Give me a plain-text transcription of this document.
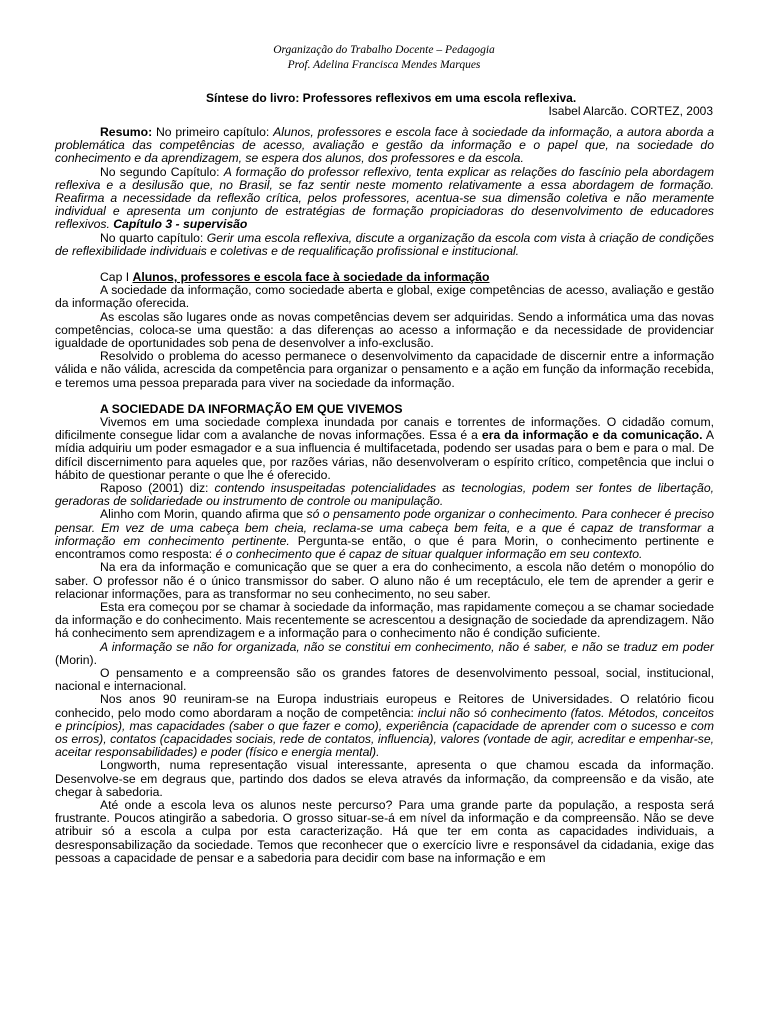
Organização do Trabalho Docente – Pedagogia
Prof. Adelina Francisca Mendes Marques
Síntese do livro: Professores reflexivos em uma escola reflexiva.
Isabel Alarcão. CORTEZ, 2003

Resumo: No primeiro capítulo: Alunos, professores e escola face à sociedade da informação, a autora aborda a problemática das competências de acesso, avaliação e gestão da informação e o papel que, na sociedade do conhecimento e da aprendizagem, se espera dos alunos, dos professores e da escola.

No segundo Capítulo: A formação do professor reflexivo, tenta explicar as relações do fascínio pela abordagem reflexiva e a desilusão que, no Brasil, se faz sentir neste momento relativamente a essa abordagem de formação. Reafirma a necessidade da reflexão crítica, pelos professores, acentua-se sua dimensão coletiva e não meramente individual e apresenta um conjunto de estratégias de formação propiciadoras do desenvolvimento de educadores reflexivos. Capítulo 3 - supervisão

No quarto capítulo: Gerir uma escola reflexiva, discute a organização da escola com vista à criação de condições de reflexibilidade individuais e coletivas e de requalificação profissional e institucional.

Cap I Alunos, professores e escola face à sociedade da informação

A sociedade da informação, como sociedade aberta e global, exige competências de acesso, avaliação e gestão da informação oferecida.

As escolas são lugares onde as novas competências devem ser adquiridas. Sendo a informática uma das novas competências, coloca-se uma questão: a das diferenças ao acesso a informação e da necessidade de providenciar igualdade de oportunidades sob pena de desenvolver a info-exclusão.

Resolvido o problema do acesso permanece o desenvolvimento da capacidade de discernir entre a informação válida e não válida, acrescida da competência para organizar o pensamento e a ação em função da informação recebida, e teremos uma pessoa preparada para viver na sociedade da informação.

A SOCIEDADE DA INFORMAÇÃO EM QUE VIVEMOS

Vivemos em uma sociedade complexa inundada por canais e torrentes de informações. O cidadão comum, dificilmente consegue lidar com a avalanche de novas informações. Essa é a era da informação e da comunicação. A mídia adquiriu um poder esmagador e a sua influencia é multifacetada, podendo ser usadas para o bem e para o mal. De difícil discernimento para aqueles que, por razões várias, não desenvolveram o espírito crítico, competência que inclui o hábito de questionar perante o que lhe é oferecido.

Raposo (2001) diz: contendo insuspeitadas potencialidades as tecnologias, podem ser fontes de libertação, geradoras de solidariedade ou instrumento de controle ou manipulação.

Alinho com Morin, quando afirma que só o pensamento pode organizar o conhecimento. Para conhecer é preciso pensar. Em vez de uma cabeça bem cheia, reclama-se uma cabeça bem feita, e a que é capaz de transformar a informação em conhecimento pertinente. Pergunta-se então, o que é para Morin, o conhecimento pertinente e encontramos como resposta: é o conhecimento que é capaz de situar qualquer informação em seu contexto.

Na era da informação e comunicação que se quer a era do conhecimento, a escola não detém o monopólio do saber. O professor não é o único transmissor do saber. O aluno não é um receptáculo, ele tem de aprender a gerir e relacionar informações, para as transformar no seu conhecimento, no seu saber.

Esta era começou por se chamar à sociedade da informação, mas rapidamente começou a se chamar sociedade da informação e do conhecimento. Mais recentemente se acrescentou a designação de sociedade da aprendizagem. Não há conhecimento sem aprendizagem e a informação para o conhecimento não é condição suficiente.

A informação se não for organizada, não se constitui em conhecimento, não é saber, e não se traduz em poder (Morin).

O pensamento e a compreensão são os grandes fatores de desenvolvimento pessoal, social, institucional, nacional e internacional.

Nos anos 90 reuniram-se na Europa industriais europeus e Reitores de Universidades. O relatório ficou conhecido, pelo modo como abordaram a noção de competência: inclui não só conhecimento (fatos. Métodos, conceitos e princípios), mas capacidades (saber o que fazer e como), experiência (capacidade de aprender com o sucesso e com os erros), contatos (capacidades sociais, rede de contatos, influencia), valores (vontade de agir, acreditar e empenhar-se, aceitar responsabilidades) e poder (físico e energia mental).

Longworth, numa representação visual interessante, apresenta o que chamou escada da informação. Desenvolve-se em degraus que, partindo dos dados se eleva através da informação, da compreensão e da visão, ate chegar à sabedoria.

Até onde a escola leva os alunos neste percurso? Para uma grande parte da população, a resposta será frustrante. Poucos atingirão a sabedoria. O grosso situar-se-á em nível da informação e da compreensão. Não se deve atribuir só a escola a culpa por esta caracterização. Há que ter em conta as capacidades individuais, a desresponsabilização da sociedade. Temos que reconhecer que o exercício livre e responsável da cidadania, exige das pessoas a capacidade de pensar e a sabedoria para decidir com base na informação e em
